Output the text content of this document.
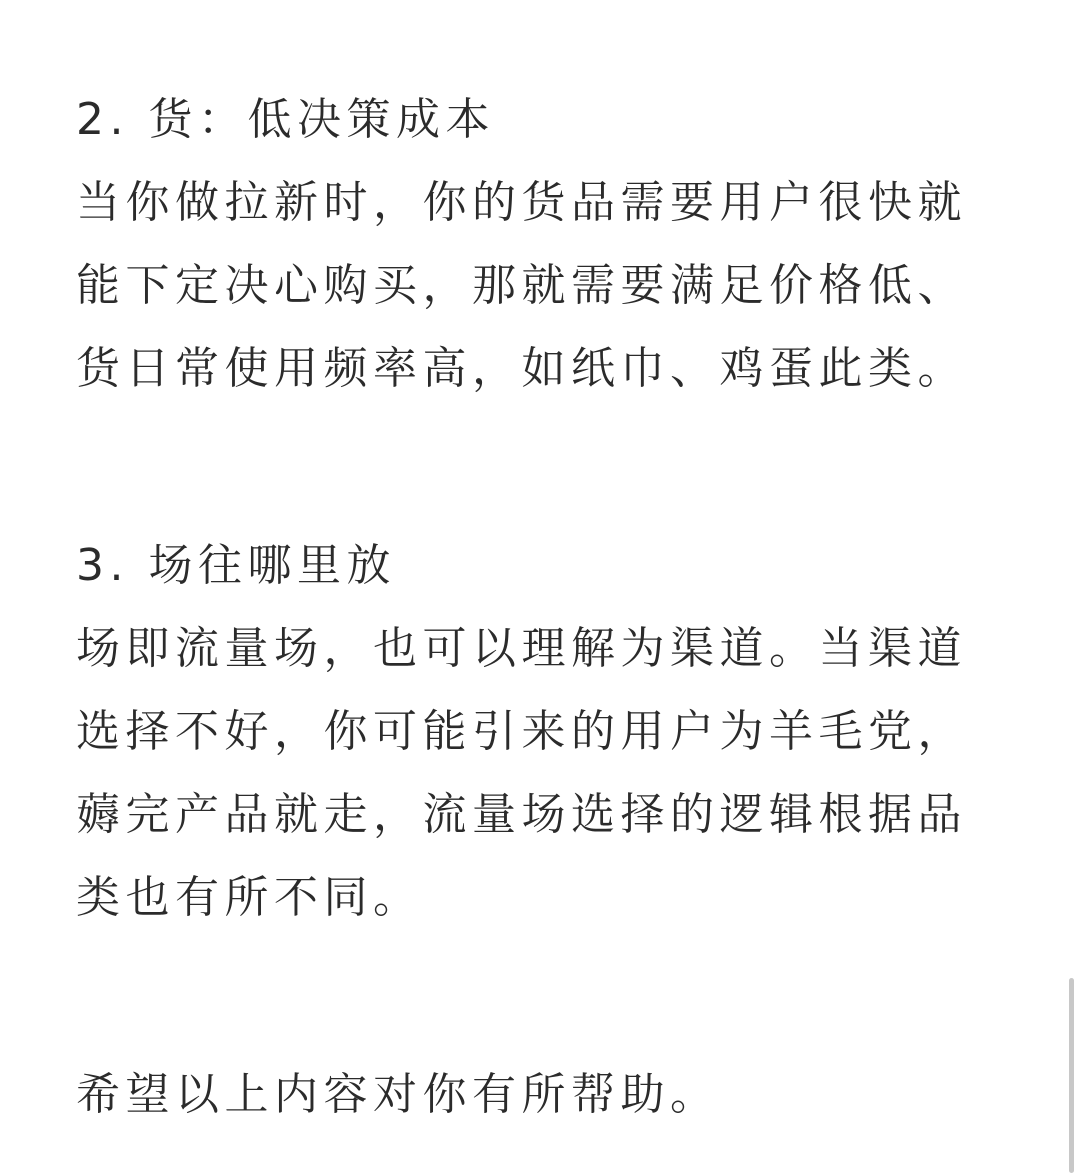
2. 货：低决策成本
当你做拉新时，你的货品需要用户很快就
能下定决心购买，那就需要满足价格低、
货日常使用频率高，如纸巾、鸡蛋此类。
3. 场往哪里放
场即流量场，也可以理解为渠道。当渠道
选择不好，你可能引来的用户为羊毛党，
薅完产品就走，流量场选择的逻辑根据品
类也有所不同。
希望以上内容对你有所帮助。
